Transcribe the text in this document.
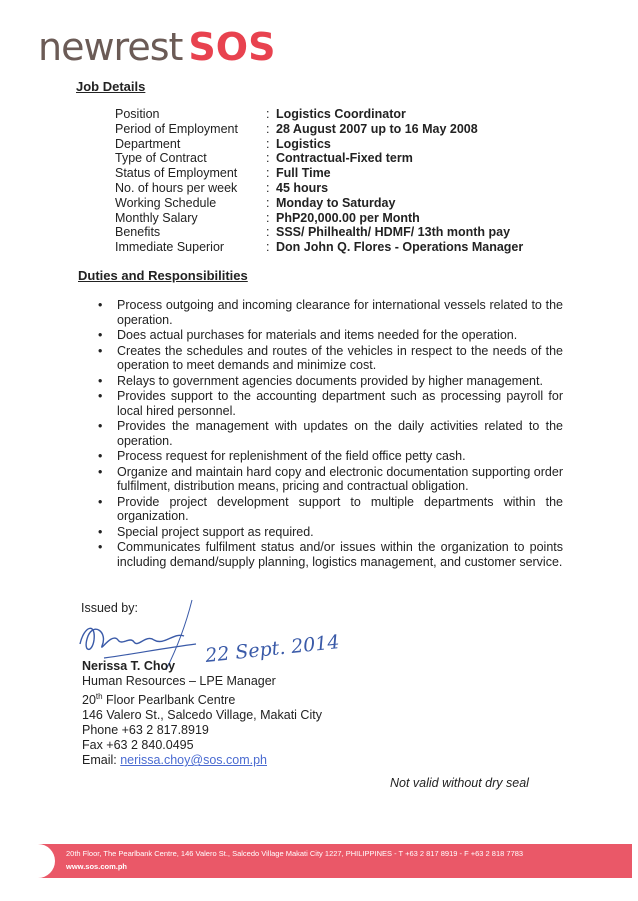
newrest SOS
Job Details
Position	: Logistics Coordinator
Period of Employment	: 28 August 2007 up to 16 May 2008
Department	: Logistics
Type of Contract	: Contractual-Fixed term
Status of Employment	: Full Time
No. of hours per week	: 45 hours
Working Schedule	: Monday to Saturday
Monthly Salary	: PhP20,000.00 per Month
Benefits	: SSS/ Philhealth/ HDMF/ 13th month pay
Immediate Superior	: Don John Q. Flores - Operations Manager
Duties and Responsibilities
•	Process outgoing and incoming clearance for international vessels related to the operation.
•	Does actual purchases for materials and items needed for the operation.
•	Creates the schedules and routes of the vehicles in respect to the needs of the operation to meet demands and minimize cost.
•	Relays to government agencies documents provided by higher management.
•	Provides support to the accounting department such as processing payroll for local hired personnel.
•	Provides the management with updates on the daily activities related to the operation.
•	Process request for replenishment of the field office petty cash.
•	Organize and maintain hard copy and electronic documentation supporting order fulfilment, distribution means, pricing and contractual obligation.
•	Provide project development support to multiple departments within the organization.
•	Special project support as required.
•	Communicates fulfilment status and/or issues within the organization to points including demand/supply planning, logistics management, and customer service.
Issued by:
22 Sept. 2014
Nerissa T. Choy
Human Resources – LPE Manager
20th Floor Pearlbank Centre
146 Valero St., Salcedo Village, Makati City
Phone +63 2 817.8919
Fax +63 2 840.0495
Email: nerissa.choy@sos.com.ph
Not valid without dry seal
20th Floor, The Pearlbank Centre, 146 Valero St., Salcedo Village Makati City 1227, PHILIPPINES - T +63 2 817 8919 - F +63 2 818 7783
www.sos.com.ph
